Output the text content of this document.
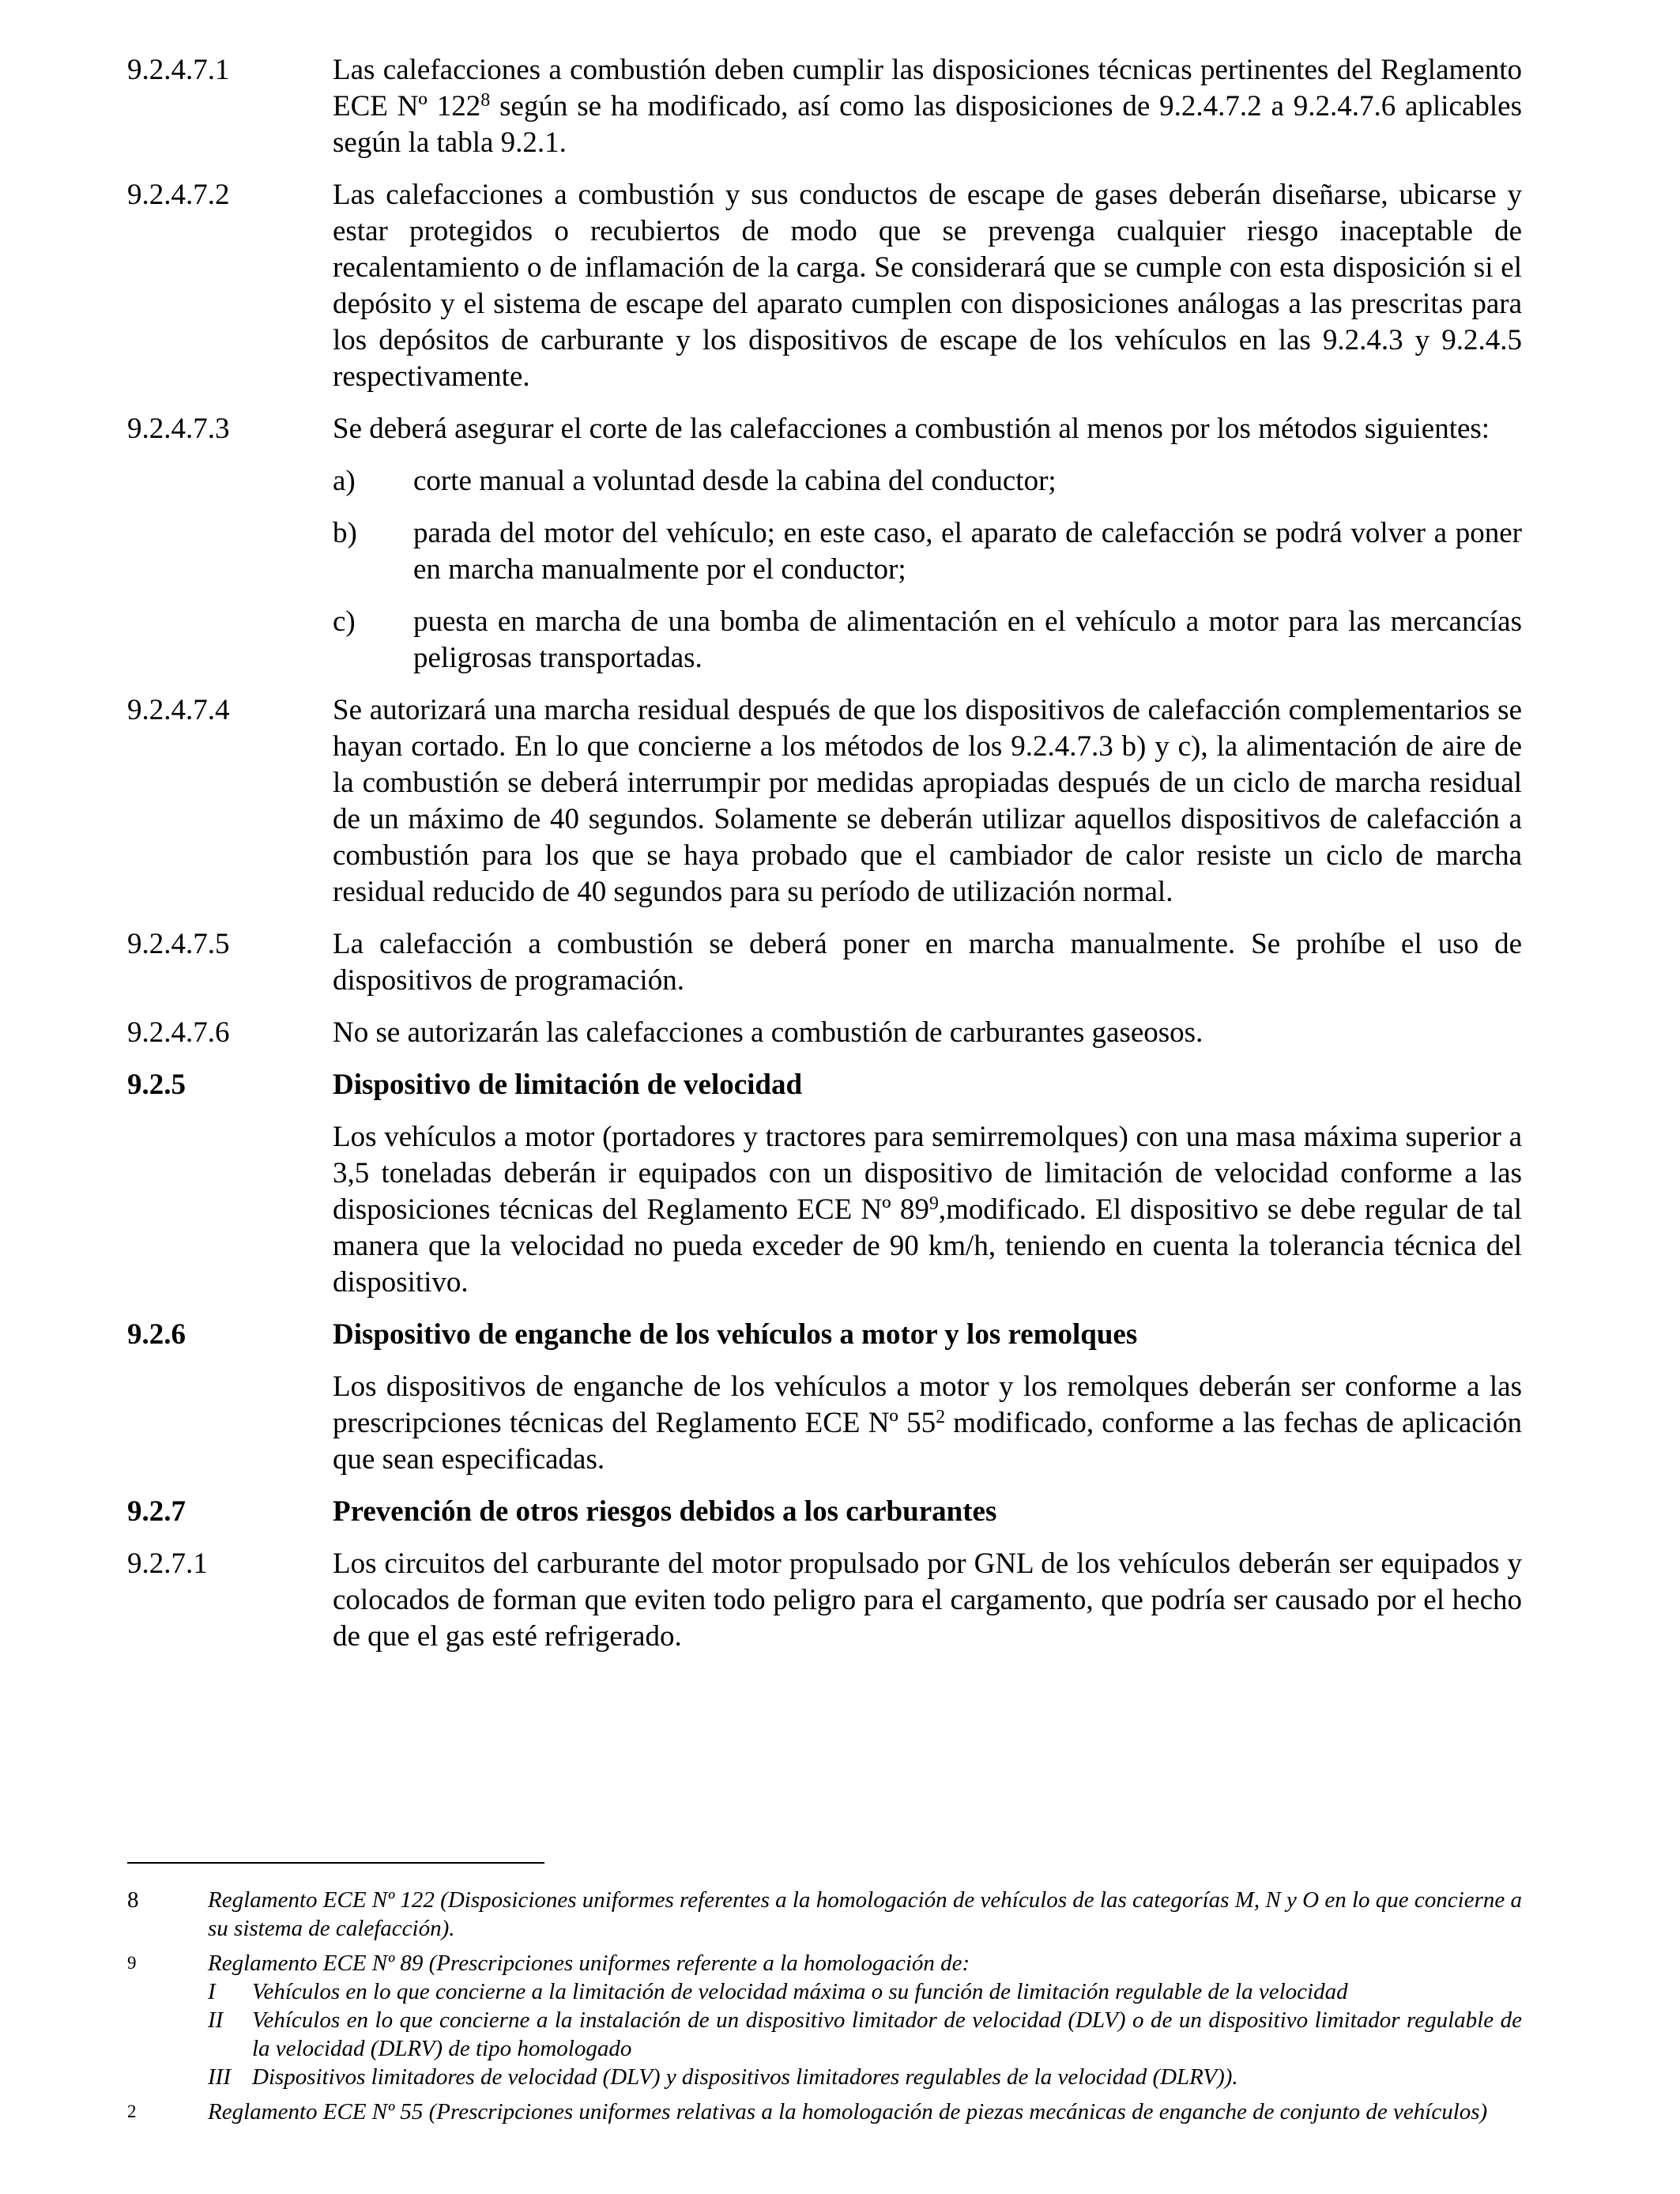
9.2.4.7.1	Las calefacciones a combustión deben cumplir las disposiciones técnicas pertinentes del Reglamento ECE Nº $122^8$ según se ha modificado, así como las disposiciones de 9.2.4.7.2 a 9.2.4.7.6 aplicables según la tabla 9.2.1.
9.2.4.7.2	Las calefacciones a combustión y sus conductos de escape de gases deberán diseñarse, ubicarse y estar protegidos o recubiertos de modo que se prevenga cualquier riesgo inaceptable de recalentamiento o de inflamación de la carga. Se considerará que se cumple con esta disposición si el depósito y el sistema de escape del aparato cumplen con disposiciones análogas a las prescritas para los depósitos de carburante y los dispositivos de escape de los vehículos en las 9.2.4.3 y 9.2.4.5 respectivamente.
9.2.4.7.3	Se deberá asegurar el corte de las calefacciones a combustión al menos por los métodos siguientes:
a)	corte manual a voluntad desde la cabina del conductor;
b)	parada del motor del vehículo; en este caso, el aparato de calefacción se podrá volver a poner en marcha manualmente por el conductor;
c)	puesta en marcha de una bomba de alimentación en el vehículo a motor para las mercancías peligrosas transportadas.
9.2.4.7.4	Se autorizará una marcha residual después de que los dispositivos de calefacción complementarios se hayan cortado. En lo que concierne a los métodos de los 9.2.4.7.3 b) y c), la alimentación de aire de la combustión se deberá interrumpir por medidas apropiadas después de un ciclo de marcha residual de un máximo de 40 segundos. Solamente se deberán utilizar aquellos dispositivos de calefacción a combustión para los que se haya probado que el cambiador de calor resiste un ciclo de marcha residual reducido de 40 segundos para su período de utilización normal.
9.2.4.7.5	La calefacción a combustión se deberá poner en marcha manualmente. Se prohíbe el uso de dispositivos de programación.
9.2.4.7.6	No se autorizarán las calefacciones a combustión de carburantes gaseosos.
9.2.5	Dispositivo de limitación de velocidad
Los vehículos a motor (portadores y tractores para semirremolques) con una masa máxima superior a 3,5 toneladas deberán ir equipados con un dispositivo de limitación de velocidad conforme a las disposiciones técnicas del Reglamento ECE Nº $89^9,modificado$. El dispositivo se debe regular de tal manera que la velocidad no pueda exceder de 90 km/h, teniendo en cuenta la tolerancia técnica del dispositivo.
9.2.6	Dispositivo de enganche de los vehículos a motor y los remolques
Los dispositivos de enganche de los vehículos a motor y los remolques deberán ser conforme a las prescripciones técnicas del Reglamento ECE Nº $55^2$ modificado, conforme a las fechas de aplicación que sean especificadas.
9.2.7	Prevención de otros riesgos debidos a los carburantes
9.2.7.1	Los circuitos del carburante del motor propulsado por GNL de los vehículos deberán ser equipados y colocados de forman que eviten todo peligro para el cargamento, que podría ser causado por el hecho de que el gas esté refrigerado.
8	Reglamento ECE Nº 122 (Disposiciones uniformes referentes a la homologación de vehículos de las categorías M, N y O en lo que concierne a su sistema de calefacción).
9	Reglamento ECE Nº 89 (Prescripciones uniformes referente a la homologación de:
I	Vehículos en lo que concierne a la limitación de velocidad máxima o su función de limitación regulable de la velocidad
II	Vehículos en lo que concierne a la instalación de un dispositivo limitador de velocidad (DLV) o de un dispositivo limitador regulable de la velocidad (DLRV) de tipo homologado
III Dispositivos limitadores de velocidad (DLV) y dispositivos limitadores regulables de la velocidad (DLRV)).
2	Reglamento ECE Nº 55 (Prescripciones uniformes relativas a la homologación de piezas mecánicas de enganche de conjunto de vehículos)
